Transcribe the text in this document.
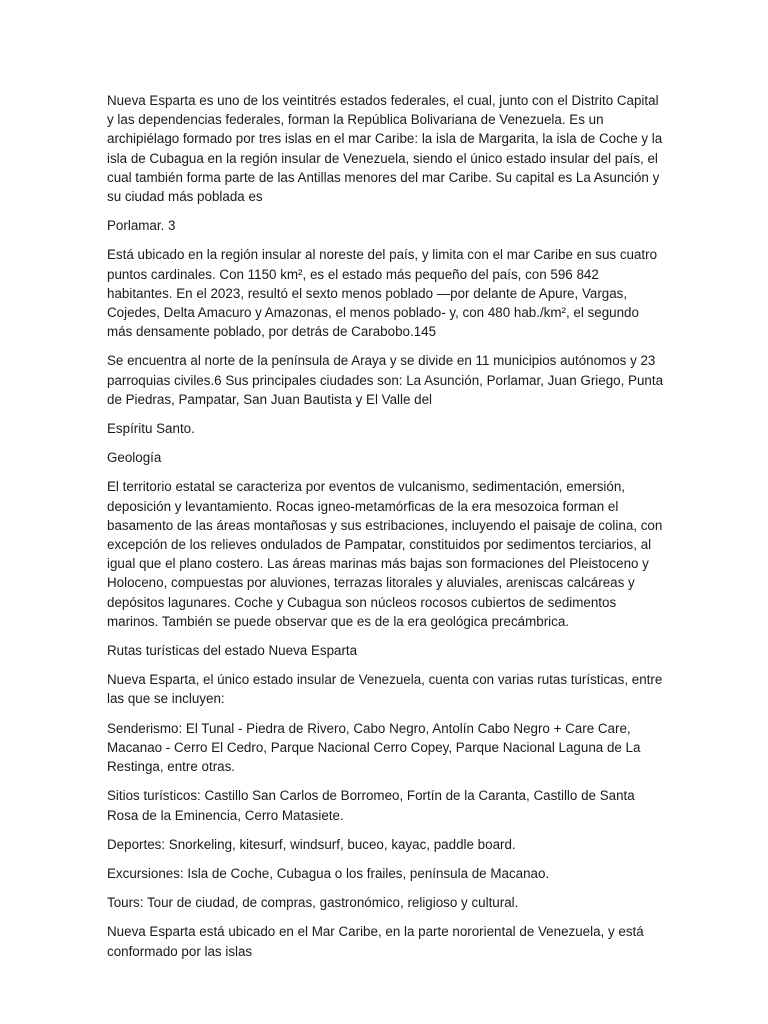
Nueva Esparta es uno de los veintitrés estados federales, el cual, junto con el Distrito Capital y las dependencias federales, forman la República Bolivariana de Venezuela. Es un archipiélago formado por tres islas en el mar Caribe: la isla de Margarita, la isla de Coche y la isla de Cubagua en la región insular de Venezuela, siendo el único estado insular del país, el cual también forma parte de las Antillas menores del mar Caribe. Su capital es La Asunción y su ciudad más poblada es

Porlamar. 3

Está ubicado en la región insular al noreste del país, y limita con el mar Caribe en sus cuatro puntos cardinales. Con 1150 km², es el estado más pequeño del país, con 596 842 habitantes. En el 2023, resultó el sexto menos poblado —por delante de Apure, Vargas, Cojedes, Delta Amacuro y Amazonas, el menos poblado- y, con 480 hab./km², el segundo más densamente poblado, por detrás de Carabobo.145

Se encuentra al norte de la península de Araya y se divide en 11 municipios autónomos y 23 parroquias civiles.6 Sus principales ciudades son: La Asunción, Porlamar, Juan Griego, Punta de Piedras, Pampatar, San Juan Bautista y El Valle del

Espíritu Santo.

Geología

El territorio estatal se caracteriza por eventos de vulcanismo, sedimentación, emersión, deposición y levantamiento. Rocas igneo-metamórficas de la era mesozoica forman el basamento de las áreas montañosas y sus estribaciones, incluyendo el paisaje de colina, con excepción de los relieves ondulados de Pampatar, constituidos por sedimentos terciarios, al igual que el plano costero. Las áreas marinas más bajas son formaciones del Pleistoceno y Holoceno, compuestas por aluviones, terrazas litorales y aluviales, areniscas calcáreas y depósitos lagunares. Coche y Cubagua son núcleos rocosos cubiertos de sedimentos marinos. También se puede observar que es de la era geológica precámbrica.

Rutas turísticas del estado Nueva Esparta

Nueva Esparta, el único estado insular de Venezuela, cuenta con varias rutas turísticas, entre las que se incluyen:

Senderismo: El Tunal - Piedra de Rivero, Cabo Negro, Antolín Cabo Negro + Care Care, Macanao - Cerro El Cedro, Parque Nacional Cerro Copey, Parque Nacional Laguna de La Restinga, entre otras.

Sitios turísticos: Castillo San Carlos de Borromeo, Fortín de la Caranta, Castillo de Santa Rosa de la Eminencia, Cerro Matasiete.

Deportes: Snorkeling, kitesurf, windsurf, buceo, kayac, paddle board.

Excursiones: Isla de Coche, Cubagua o los frailes, península de Macanao.

Tours: Tour de ciudad, de compras, gastronómico, religioso y cultural.

Nueva Esparta está ubicado en el Mar Caribe, en la parte nororiental de Venezuela, y está conformado por las islas
